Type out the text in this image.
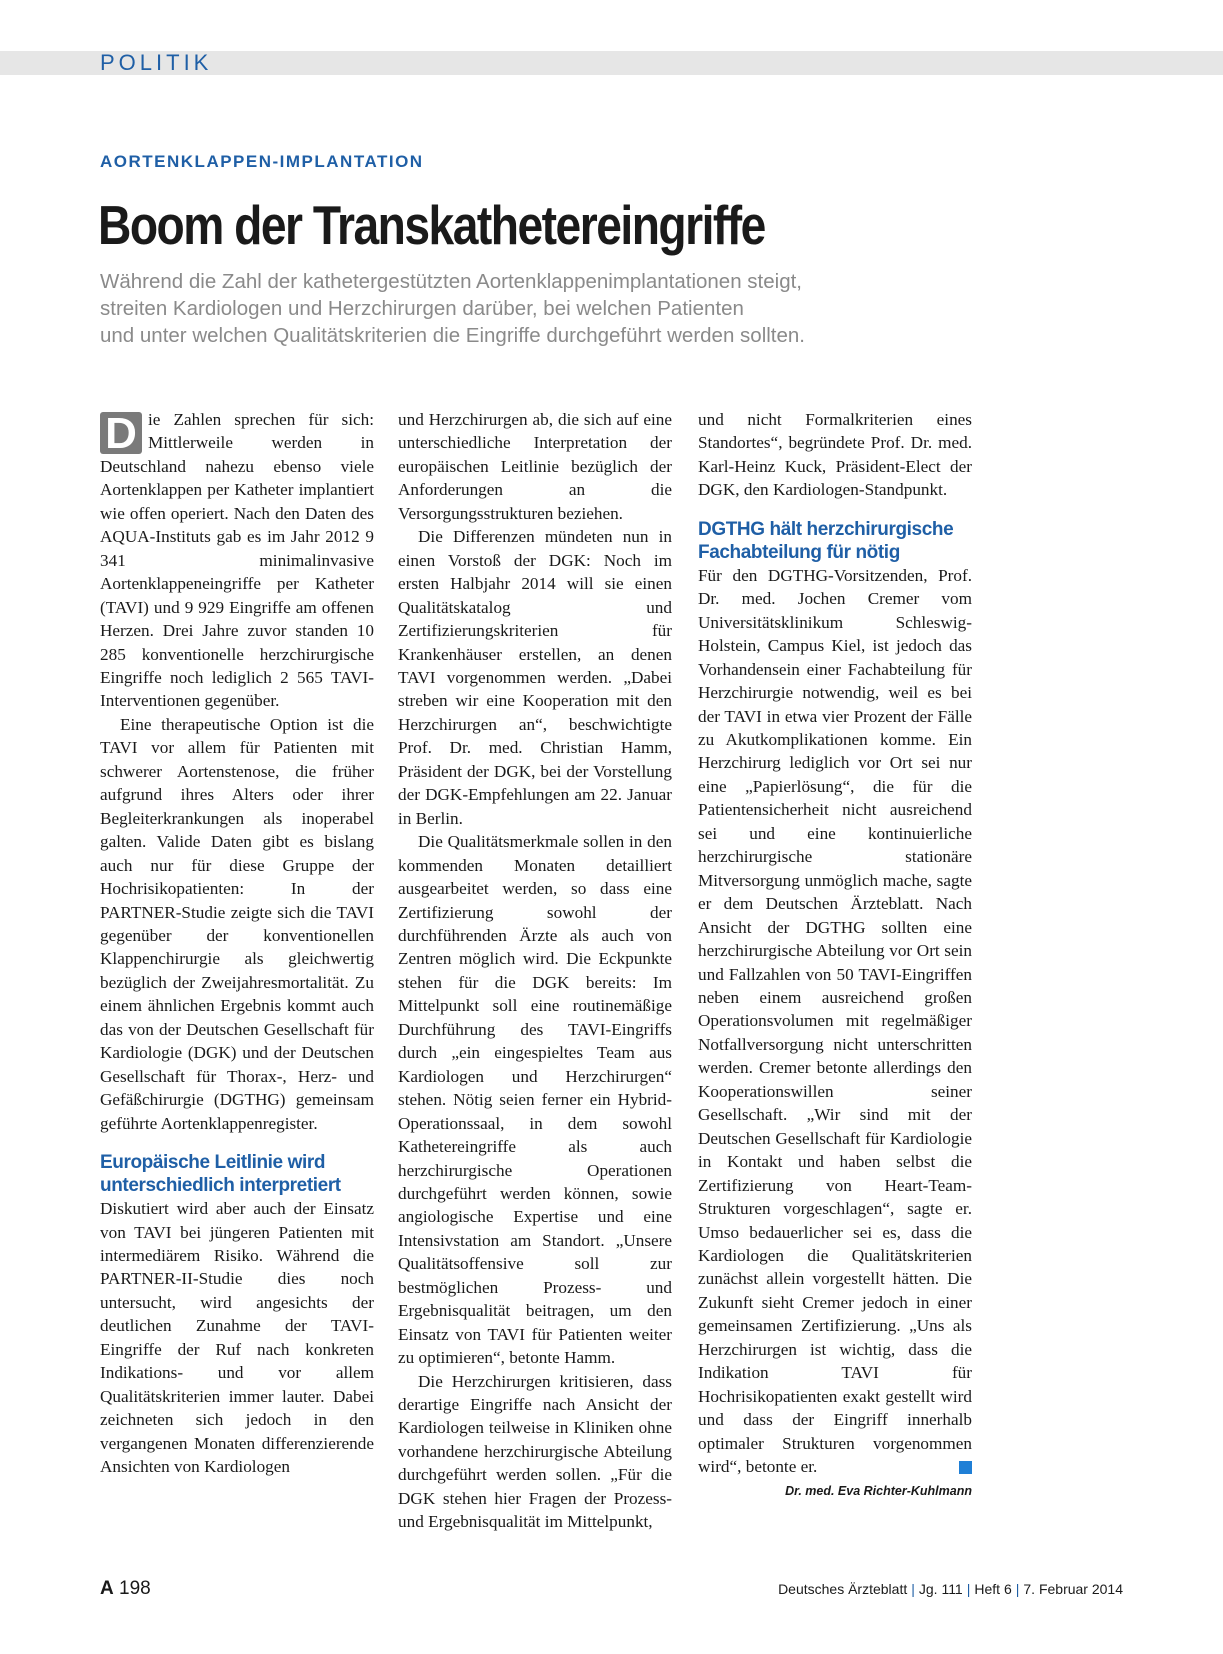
POLITIK
AORTENKLAPPEN-IMPLANTATION
Boom der Transkathetereingriffe

Während die Zahl der kathetergestützten Aortenklappenimplantationen steigt,
streiten Kardiologen und Herzchirurgen darüber, bei welchen Patienten
und unter welchen Qualitätskriterien die Eingriffe durchgeführt werden sollten.

D ie Zahlen sprechen für sich: Mittlerweile werden in Deutschland nahezu ebenso viele Aortenklappen per Katheter implantiert wie offen operiert. Nach den Daten des AQUA-Instituts gab es im Jahr 2012 9 341 minimalinvasive Aortenklappeneingriffe per Katheter (TAVI) und 9 929 Eingriffe am offenen Herzen. Drei Jahre zuvor standen 10 285 konventionelle herzchirurgische Eingriffe noch lediglich 2 565 TAVI-Interventionen gegenüber.

Eine therapeutische Option ist die TAVI vor allem für Patienten mit schwerer Aortenstenose, die früher aufgrund ihres Alters oder ihrer Begleiterkrankungen als inoperabel galten. Valide Daten gibt es bislang auch nur für diese Gruppe der Hochrisikopatienten: In der PARTNER-Studie zeigte sich die TAVI gegenüber der konventionellen Klappenchirurgie als gleichwertig bezüglich der Zweijahresmortalität. Zu einem ähnlichen Ergebnis kommt auch das von der Deutschen Gesellschaft für Kardiologie (DGK) und der Deutschen Gesellschaft für Thorax-, Herz- und Gefäßchirurgie (DGTHG) gemeinsam geführte Aortenklappenregister.

Europäische Leitlinie wird unterschiedlich interpretiert

Diskutiert wird aber auch der Einsatz von TAVI bei jüngeren Patienten mit intermediärem Risiko. Während die PARTNER-II-Studie dies noch untersucht, wird angesichts der deutlichen Zunahme der TAVI-Eingriffe der Ruf nach konkreten Indikations- und vor allem Qualitätskriterien immer lauter. Dabei zeichneten sich jedoch in den vergangenen Monaten differenzierende Ansichten von Kardiologen

und Herzchirurgen ab, die sich auf eine unterschiedliche Interpretation der europäischen Leitlinie bezüglich der Anforderungen an die Versorgungsstrukturen beziehen.

Die Differenzen mündeten nun in einen Vorstoß der DGK: Noch im ersten Halbjahr 2014 will sie einen Qualitätskatalog und Zertifizierungskriterien für Krankenhäuser erstellen, an denen TAVI vorgenommen werden. „Dabei streben wir eine Kooperation mit den Herzchirurgen an“, beschwichtigte Prof. Dr. med. Christian Hamm, Präsident der DGK, bei der Vorstellung der DGK-Empfehlungen am 22. Januar in Berlin.

Die Qualitätsmerkmale sollen in den kommenden Monaten detailliert ausgearbeitet werden, so dass eine Zertifizierung sowohl der durchführenden Ärzte als auch von Zentren möglich wird. Die Eckpunkte stehen für die DGK bereits: Im Mittelpunkt soll eine routinemäßige Durchführung des TAVI-Eingriffs durch „ein eingespieltes Team aus Kardiologen und Herzchirurgen“ stehen. Nötig seien ferner ein Hybrid-Operationssaal, in dem sowohl Kathetereingriffe als auch herzchirurgische Operationen durchgeführt werden können, sowie angiologische Expertise und eine Intensivstation am Standort. „Unsere Qualitätsoffensive soll zur bestmöglichen Prozess- und Ergebnisqualität beitragen, um den Einsatz von TAVI für Patienten weiter zu optimieren“, betonte Hamm.

Die Herzchirurgen kritisieren, dass derartige Eingriffe nach Ansicht der Kardiologen teilweise in Kliniken ohne vorhandene herzchirurgische Abteilung durchgeführt werden sollen. „Für die DGK stehen hier Fragen der Prozess- und Ergebnisqualität im Mittelpunkt,

und nicht Formalkriterien eines Standortes“, begründete Prof. Dr. med. Karl-Heinz Kuck, Präsident-Elect der DGK, den Kardiologen-Standpunkt.

DGTHG hält herzchirurgische Fachabteilung für nötig

Für den DGTHG-Vorsitzenden, Prof. Dr. med. Jochen Cremer vom Universitätsklinikum Schleswig-Holstein, Campus Kiel, ist jedoch das Vorhandensein einer Fachabteilung für Herzchirurgie notwendig, weil es bei der TAVI in etwa vier Prozent der Fälle zu Akutkomplikationen komme. Ein Herzchirurg lediglich vor Ort sei nur eine „Papierlösung“, die für die Patientensicherheit nicht ausreichend sei und eine kontinuierliche herzchirurgische stationäre Mitversorgung unmöglich mache, sagte er dem Deutschen Ärzteblatt. Nach Ansicht der DGTHG sollten eine herzchirurgische Abteilung vor Ort sein und Fallzahlen von 50 TAVI-Eingriffen neben einem ausreichend großen Operationsvolumen mit regelmäßiger Notfallversorgung nicht unterschritten werden. Cremer betonte allerdings den Kooperationswillen seiner Gesellschaft. „Wir sind mit der Deutschen Gesellschaft für Kardiologie in Kontakt und haben selbst die Zertifizierung von Heart-Team-Strukturen vorgeschlagen“, sagte er. Umso bedauerlicher sei es, dass die Kardiologen die Qualitätskriterien zunächst allein vorgestellt hätten. Die Zukunft sieht Cremer jedoch in einer gemeinsamen Zertifizierung. „Uns als Herzchirurgen ist wichtig, dass die Indikation TAVI für Hochrisikopatienten exakt gestellt wird und dass der Eingriff innerhalb optimaler Strukturen vorgenommen wird“, betonte er.

Dr. med. Eva Richter-Kuhlmann
A 198	Deutsches Ärzteblatt | Jg. 111 | Heft 6 | 7. Februar 2014
